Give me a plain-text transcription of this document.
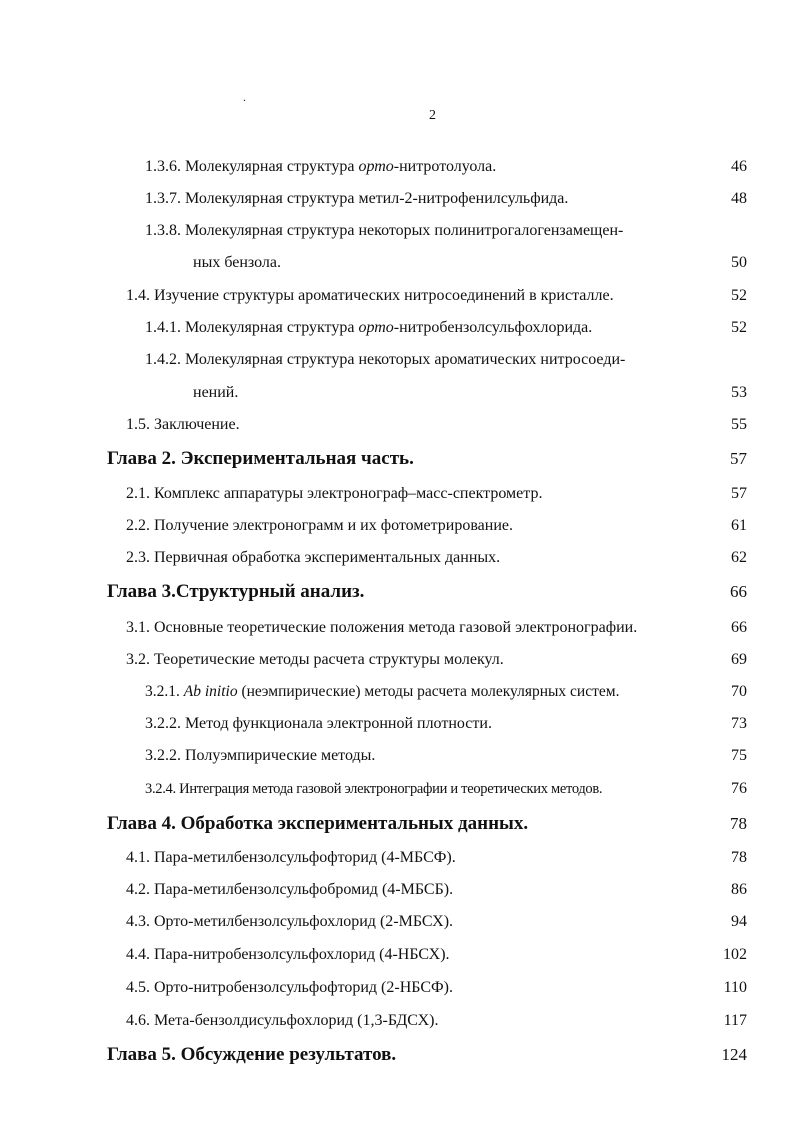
.
2
1.3.6. Молекулярная структура орто-нитротолуола.	46
1.3.7. Молекулярная структура метил-2-нитрофенилсульфида.	48
1.3.8. Молекулярная структура некоторых полинитрогалогензамещен-
ных бензола.	50
1.4. Изучение структуры ароматических нитросоединений в кристалле.	52
1.4.1. Молекулярная структура орто-нитробензолсульфохлорида.	52
1.4.2. Молекулярная структура некоторых ароматических нитросоеди-
нений.	53
1.5. Заключение.	55
Глава 2. Экспериментальная часть.	57
2.1. Комплекс аппаратуры электронограф–масс-спектрометр.	57
2.2. Получение электронограмм и их фотометрирование.	61
2.3. Первичная обработка экспериментальных данных.	62
Глава 3.Структурный анализ.	66
3.1. Основные теоретические положения метода газовой электронографии.	66
3.2. Теоретические методы расчета структуры молекул.	69
3.2.1. Ab initio (неэмпирические) методы расчета молекулярных систем.	70
3.2.2. Метод функционала электронной плотности.	73
3.2.2. Полуэмпирические методы.	75
3.2.4. Интеграция метода газовой электронографии и теоретических методов.	76
Глава 4. Обработка экспериментальных данных.	78
4.1. Пара-метилбензолсульфофторид (4-МБСФ).	78
4.2. Пара-метилбензолсульфобромид (4-МБСБ).	86
4.3. Орто-метилбензолсульфохлорид (2-МБСХ).	94
4.4. Пара-нитробензолсульфохлорид (4-НБСХ).	102
4.5. Орто-нитробензолсульфофторид (2-НБСФ).	110
4.6. Мета-бензолдисульфохлорид (1,3-БДСХ).	117
Глава 5. Обсуждение результатов.	124
